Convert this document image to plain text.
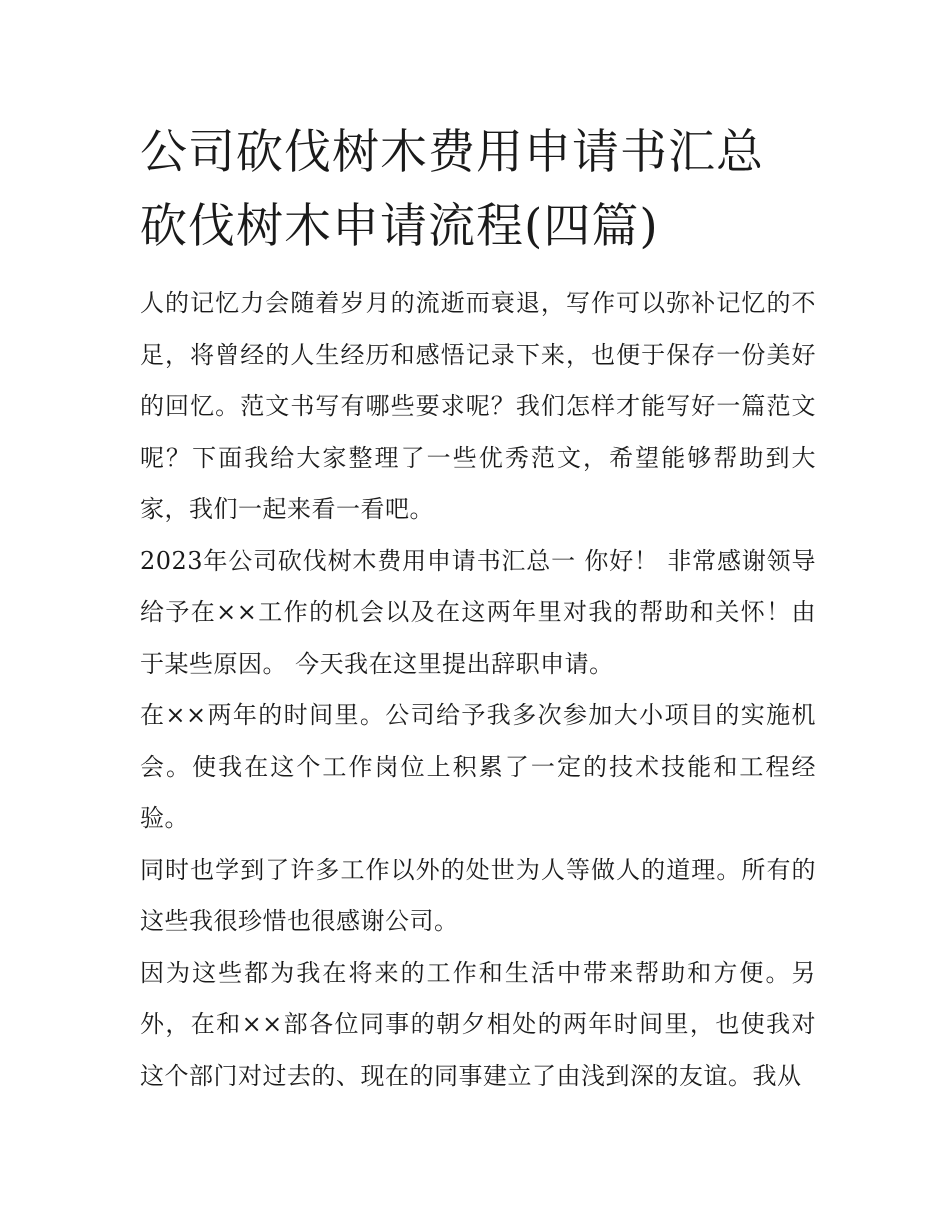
公司砍伐树木费用申请书汇总
砍伐树木申请流程(四篇)

人的记忆力会随着岁月的流逝而衰退，写作可以弥补记忆的不足，将曾经的人生经历和感悟记录下来，也便于保存一份美好的回忆。范文书写有哪些要求呢？我们怎样才能写好一篇范文呢？下面我给大家整理了一些优秀范文，希望能够帮助到大家，我们一起来看一看吧。

2023年公司砍伐树木费用申请书汇总一 你好！ 非常感谢领导给予在××工作的机会以及在这两年里对我的帮助和关怀！由于某些原因。 今天我在这里提出辞职申请。

在××两年的时间里。公司给予我多次参加大小项目的实施机会。使我在这个工作岗位上积累了一定的技术技能和工程经验。

同时也学到了许多工作以外的处世为人等做人的道理。所有的这些我很珍惜也很感谢公司。

因为这些都为我在将来的工作和生活中带来帮助和方便。另外，在和××部各位同事的朝夕相处的两年时间里，也使我对这个部门对过去的、现在的同事建立了由浅到深的友谊。我从
